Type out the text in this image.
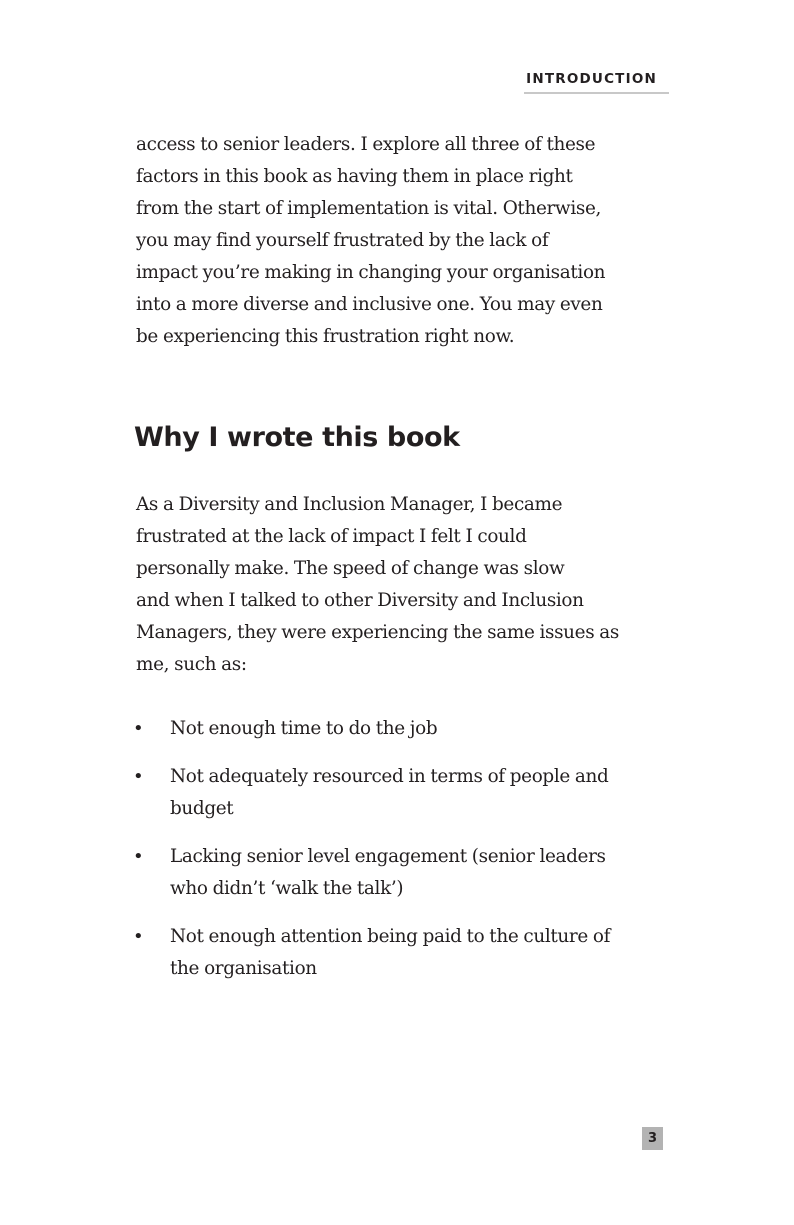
INTRODUCTION

access to senior leaders. I explore all three of these
factors in this book as having them in place right
from the start of implementation is vital. Otherwise,
you may find yourself frustrated by the lack of
impact you’re making in changing your organisation
into a more diverse and inclusive one. You may even
be experiencing this frustration right now.

Why I wrote this book

As a Diversity and Inclusion Manager, I became
frustrated at the lack of impact I felt I could
personally make. The speed of change was slow
and when I talked to other Diversity and Inclusion
Managers, they were experiencing the same issues as
me, such as:

• Not enough time to do the job
• Not adequately resourced in terms of people and
budget
• Lacking senior level engagement (senior leaders
who didn’t ‘walk the talk’)
• Not enough attention being paid to the culture of
the organisation
3
